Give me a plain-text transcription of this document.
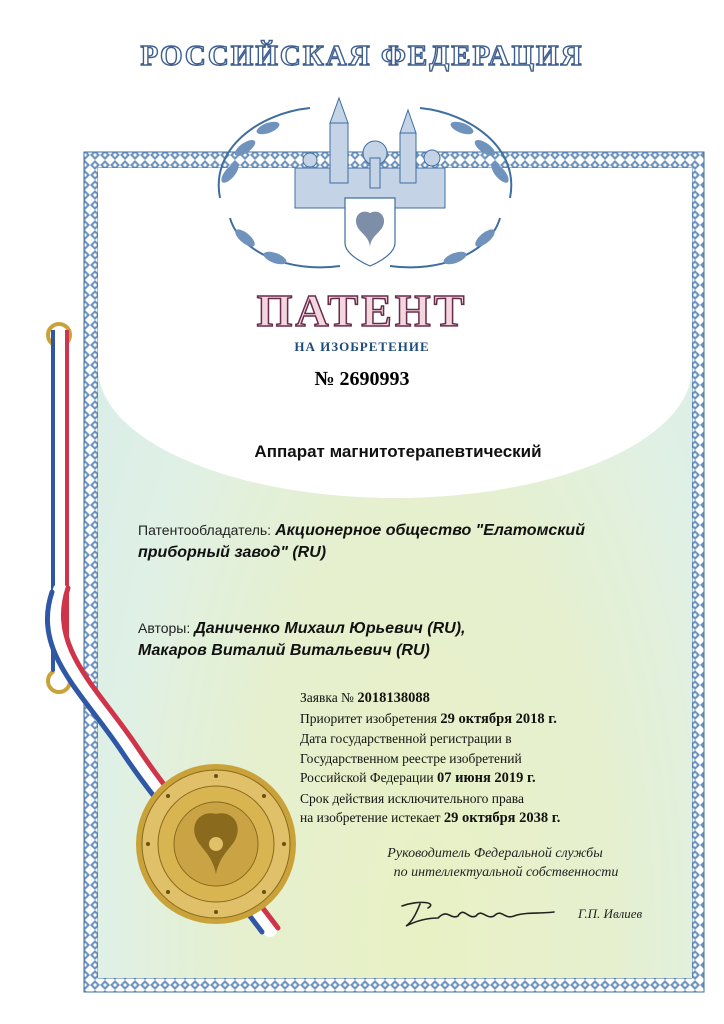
РОССИЙСКАЯ ФЕДЕРАЦИЯ
ПАТЕНТ
НА ИЗОБРЕТЕНИЕ
№ 2690993
Аппарат магнитотерапевтический
Патентообладатель: Акционерное общество "Елатомский
приборный завод" (RU)
Авторы: Даниченко Михаил Юрьевич (RU),
Макаров Виталий Витальевич (RU)
Заявка № 2018138088
Приоритет изобретения 29 октября 2018 г.
Дата государственной регистрации в
Государственном реестре изобретений
Российской Федерации 07 июня 2019 г.
Срок действия исключительного права
на изобретение истекает 29 октября 2038 г.
Руководитель Федеральной службы
по интеллектуальной собственности
Г.П. Ивлиев
